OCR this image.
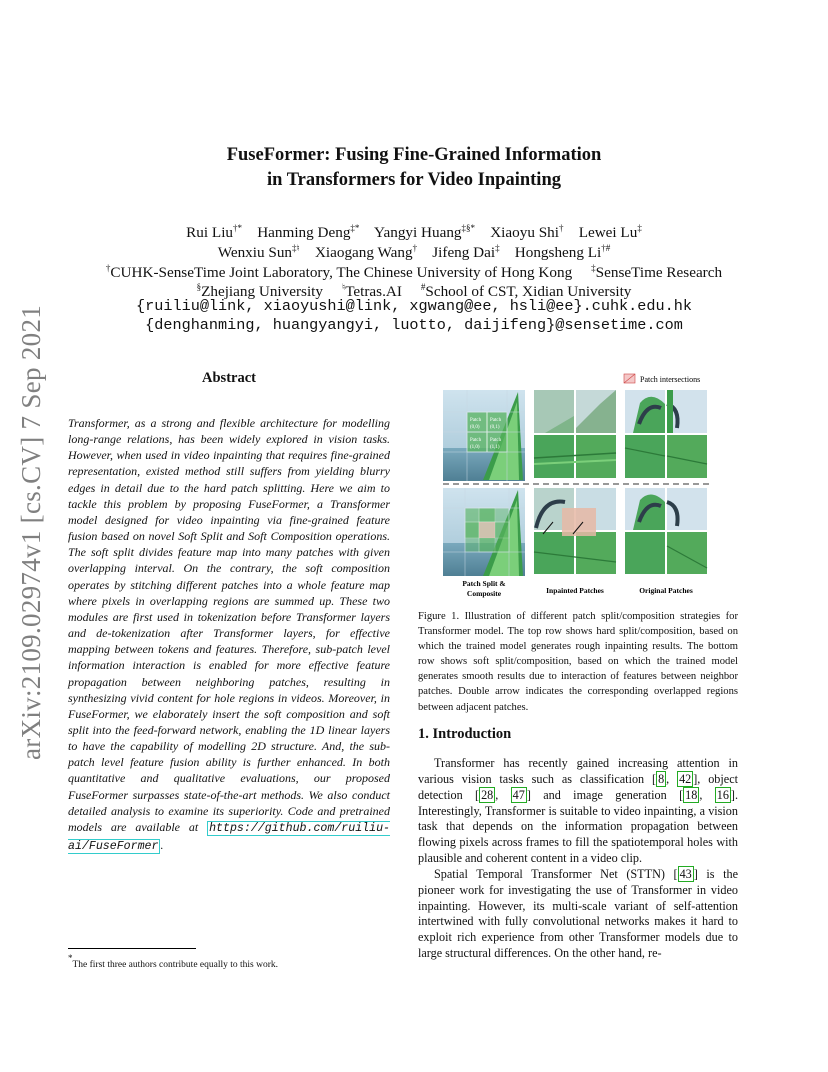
arXiv:2109.02974v1 [cs.CV] 7 Sep 2021
FuseFormer: Fusing Fine-Grained Information
in Transformers for Video Inpainting
Rui Liu†* Hanming Deng‡* Yangyi Huang‡§* Xiaoyu Shi† Lewei Lu‡
Wenxiu Sun‡♮ Xiaogang Wang† Jifeng Dai‡ Hongsheng Li†#
†CUHK-SenseTime Joint Laboratory, The Chinese University of Hong Kong ‡SenseTime Research
§Zhejiang University ♮Tetras.AI #School of CST, Xidian University
{ruiliu@link, xiaoyushi@link, xgwang@ee, hsli@ee}.cuhk.edu.hk
{denghanming, huangyangyi, luotto, daijifeng}@sensetime.com
Abstract
Transformer, as a strong and flexible architecture for modelling long-range relations, has been widely explored in vision tasks. However, when used in video inpainting that requires fine-grained representation, existed method still suffers from yielding blurry edges in detail due to the hard patch splitting. Here we aim to tackle this problem by proposing FuseFormer, a Transformer model designed for video inpainting via fine-grained feature fusion based on novel Soft Split and Soft Composition operations. The soft split divides feature map into many patches with given overlapping interval. On the contrary, the soft composition operates by stitching different patches into a whole feature map where pixels in overlapping regions are summed up. These two modules are first used in tokenization before Transformer layers and de-tokenization after Transformer layers, for effective mapping between tokens and features. Therefore, sub-patch level information interaction is enabled for more effective feature propagation between neighboring patches, resulting in synthesizing vivid content for hole regions in videos. Moreover, in FuseFormer, we elaborately insert the soft composition and soft split into the feed-forward network, enabling the 1D linear layers to have the capability of modelling 2D structure. And, the sub-patch level feature fusion ability is further enhanced. In both quantitative and qualitative evaluations, our proposed FuseFormer surpasses state-of-the-art methods. We also conduct detailed analysis to examine its superiority. Code and pretrained models are available at https://github.com/ruiliu-ai/FuseFormer .
*The first three authors contribute equally to this work.
Patch intersections
Patch
(0,0)
Patch
(0,1)
Patch
(1,0)
Patch
(1,1)
Patch Split &
Composite	Inpainted Patches	Original Patches
Figure 1. Illustration of different patch split/composition strategies for Transformer model. The top row shows hard split/composition, based on which the trained model generates rough inpainting results. The bottom row shows soft split/composition, based on which the trained model generates smooth results due to interaction of features between neighbor patches. Double arrow indicates the corresponding overlapped regions between adjacent patches.
1. Introduction

Transformer has recently gained increasing attention in various vision tasks such as classification [ 8 , 42 ], object detection [ 28 , 47 ] and image generation [ 18 , 16 ]. Interestingly, Transformer is suitable to video inpainting, a vision task that depends on the information propagation between flowing pixels across frames to fill the spatiotemporal holes with plausible and coherent content in a video clip.

Spatial Temporal Transformer Net (STTN) [ 43 ] is the pioneer work for investigating the use of Transformer in video inpainting. However, its multi-scale variant of self-attention intertwined with fully convolutional networks makes it hard to exploit rich experience from other Transformer models due to large structural differences. On the other hand, re-
